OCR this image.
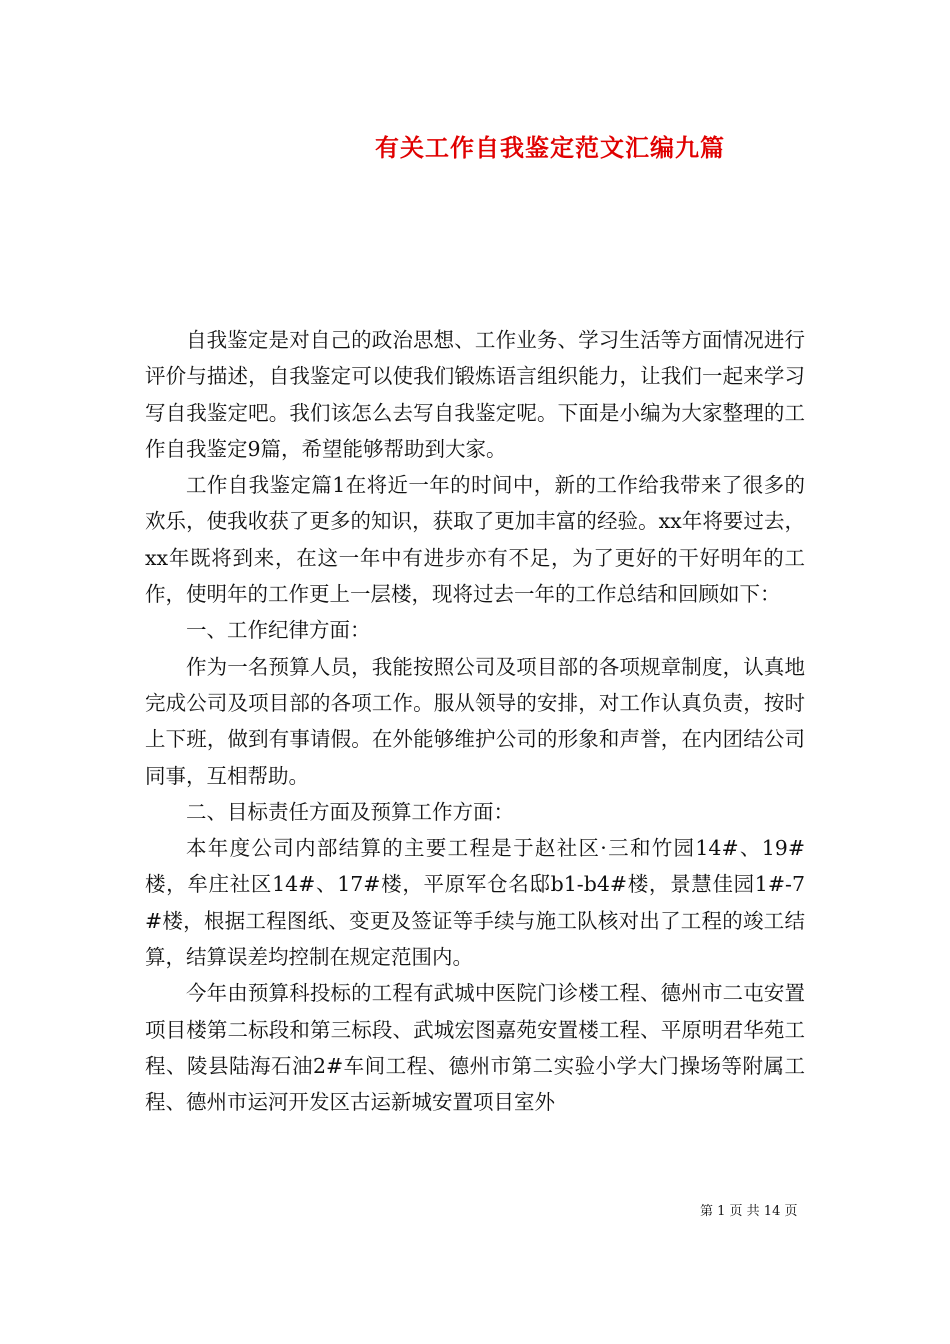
有关工作自我鉴定范文汇编九篇

自我鉴定是对自己的政治思想、工作业务、学习生活等方面情况进行评价与描述，自我鉴定可以使我们锻炼语言组织能力，让我们一起来学习写自我鉴定吧。我们该怎么去写自我鉴定呢。下面是小编为大家整理的工作自我鉴定9篇，希望能够帮助到大家。

工作自我鉴定篇1在将近一年的时间中，新的工作给我带来了很多的欢乐，使我收获了更多的知识，获取了更加丰富的经验。xx年将要过去，xx年既将到来，在这一年中有进步亦有不足，为了更好的干好明年的工作，使明年的工作更上一层楼，现将过去一年的工作总结和回顾如下：

一、工作纪律方面：

作为一名预算人员，我能按照公司及项目部的各项规章制度，认真地完成公司及项目部的各项工作。服从领导的安排，对工作认真负责，按时上下班，做到有事请假。在外能够维护公司的形象和声誉，在内团结公司同事，互相帮助。

二、目标责任方面及预算工作方面：

本年度公司内部结算的主要工程是于赵社区·三和竹园14#、19#楼，牟庄社区14#、17#楼，平原军仓名邸b1-b4#楼，景慧佳园1#-7#楼，根据工程图纸、变更及签证等手续与施工队核对出了工程的竣工结算，结算误差均控制在规定范围内。

今年由预算科投标的工程有武城中医院门诊楼工程、德州市二屯安置项目楼第二标段和第三标段、武城宏图嘉苑安置楼工程、平原明君华苑工程、陵县陆海石油2#车间工程、德州市第二实验小学大门操场等附属工程、德州市运河开发区古运新城安置项目室外

第 1 页 共 14 页
